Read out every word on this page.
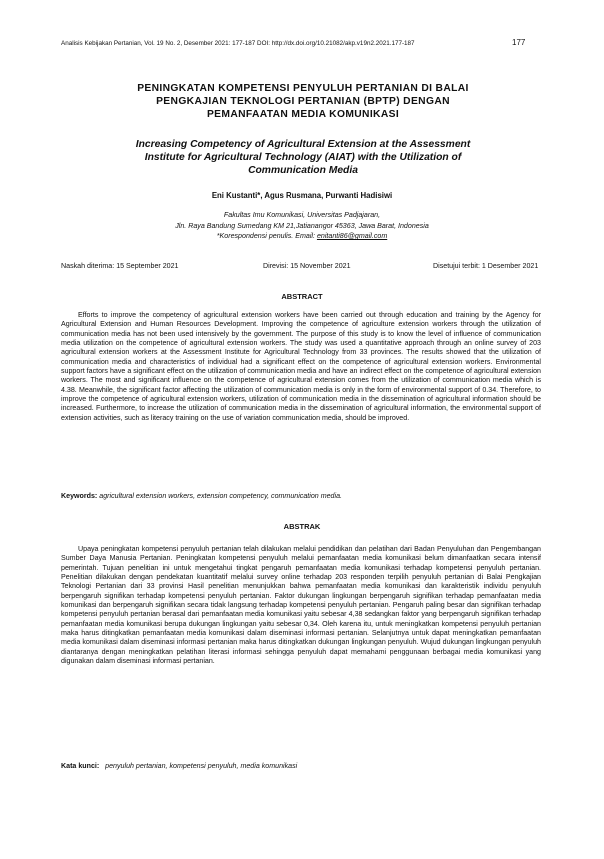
Analisis Kebijakan Pertanian, Vol. 19 No. 2, Desember 2021: 177-187 DOI: http://dx.doi.org/10.21082/akp.v19n2.2021.177-187	177
PENINGKATAN KOMPETENSI PENYULUH PERTANIAN DI BALAI
PENGKAJIAN TEKNOLOGI PERTANIAN (BPTP) DENGAN
PEMANFAATAN MEDIA KOMUNIKASI
Increasing Competency of Agricultural Extension at the Assessment
Institute for Agricultural Technology (AIAT) with the Utilization of
Communication Media
Eni Kustanti*, Agus Rusmana, Purwanti Hadisiwi
Fakultas Imu Komunikasi, Universitas Padjajaran,
Jln. Raya Bandung Sumedang KM 21,Jatianangor 45363, Jawa Barat, Indonesia
*Korespondensi penulis. Email: enitanti86@gmail.com
Naskah diterima: 15 September 2021	Direvisi: 15 November 2021	Disetujui terbit: 1 Desember 2021
ABSTRACT

Efforts to improve the competency of agricultural extension workers have been carried out through education and training by the Agency for Agricultural Extension and Human Resources Development. Improving the competence of agriculture extension workers through the utilization of communication media has not been used intensively by the government. The purpose of this study is to know the level of influence of communication media utilization on the competence of agricultural extension workers. The study was used a quantitative approach through an online survey of 203 agricultural extension workers at the Assessment Institute for Agricultural Technology from 33 provinces. The results showed that the utilization of communication media and characteristics of individual had a significant effect on the competence of agricultural extension workers. Environmental support factors have a significant effect on the utilization of communication media and have an indirect effect on the competence of agricultural extension workers. The most and significant influence on the competence of agricultural extension comes from the utilization of communication media which is 4.38. Meanwhile, the significant factor affecting the utilization of communication media is only in the form of environmental support of 0.34. Therefore, to improve the competence of agricultural extension workers, utilization of communication media in the dissemination of agricultural information should be increased. Furthermore, to increase the utilization of communication media in the dissemination of agricultural information, the environmental support of extension activities, such as literacy training on the use of variation communication media, should be improved.

Keywords: agricultural extension workers, extension competency, communication media.
ABSTRAK

Upaya peningkatan kompetensi penyuluh pertanian telah dilakukan melalui pendidikan dan pelatihan dari Badan Penyuluhan dan Pengembangan Sumber Daya Manusia Pertanian. Peningkatan kompetensi penyuluh melalui pemanfaatan media komunikasi belum dimanfaatkan secara intensif pemerintah. Tujuan penelitian ini untuk mengetahui tingkat pengaruh pemanfaatan media komunikasi terhadap kompetensi penyuluh pertanian. Penelitian dilakukan dengan pendekatan kuantitatif melalui survey online terhadap 203 responden terpilih penyuluh pertanian di Balai Pengkajian Teknologi Pertanian dari 33 provinsi Hasil penelitian menunjukkan bahwa pemanfaatan media komunikasi dan karakteristik individu penyuluh berpengaruh signifikan terhadap kompetensi penyuluh pertanian. Faktor dukungan lingkungan berpengaruh signifikan terhadap pemanfaatan media komunikasi dan berpengaruh signifikan secara tidak langsung terhadap kompetensi penyuluh pertanian. Pengaruh paling besar dan signifikan terhadap kompetensi penyuluh pertanian berasal dari pemanfaatan media komunikasi yaitu sebesar 4,38 sedangkan faktor yang berpengaruh signifikan terhadap pemanfaatan media komunikasi berupa dukungan lingkungan yaitu sebesar 0,34. Oleh karena itu, untuk meningkatkan kompetensi penyuluh pertanian maka harus ditingkatkan pemanfaatan media komunikasi dalam diseminasi informasi pertanian. Selanjutnya untuk dapat meningkatkan pemanfaatan media komunikasi dalam diseminasi informasi pertanian maka harus ditingkatkan dukungan lingkungan penyuluh. Wujud dukungan lingkungan penyuluh diantaranya dengan meningkatkan pelatihan literasi informasi sehingga penyuluh dapat memahami penggunaan berbagai media komunikasi yang digunakan dalam diseminasi informasi pertanian.

Kata kunci: penyuluh pertanian, kompetensi penyuluh, media komunikasi
